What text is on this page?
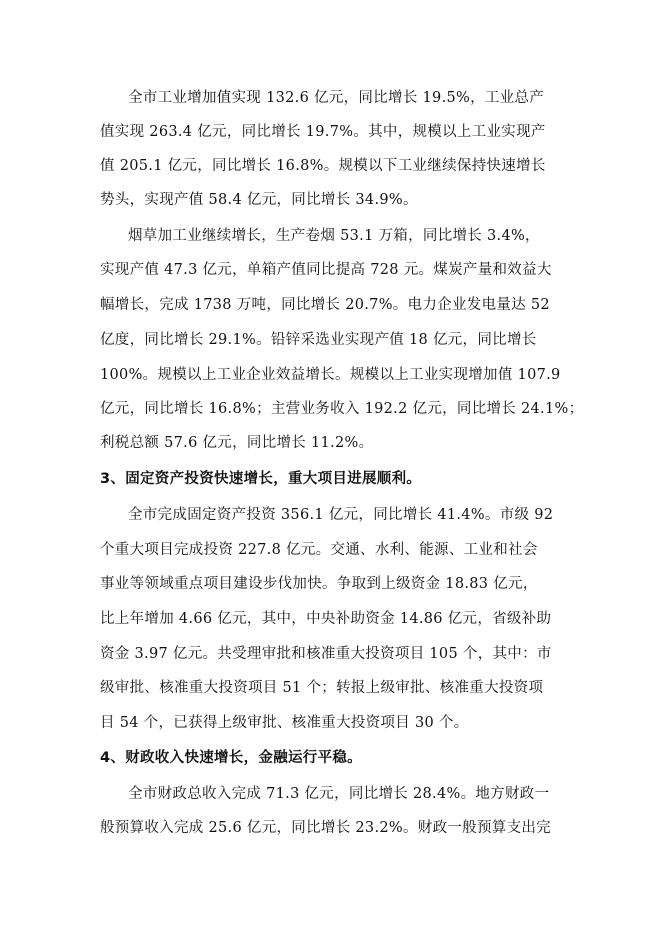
全市工业增加值实现 132.6 亿元，同比增长 19.5%，工业总产
值实现 263.4 亿元，同比增长 19.7%。其中，规模以上工业实现产
值 205.1 亿元，同比增长 16.8%。规模以下工业继续保持快速增长
势头，实现产值 58.4 亿元，同比增长 34.9%。
烟草加工业继续增长，生产卷烟 53.1 万箱，同比增长 3.4%，
实现产值 47.3 亿元，单箱产值同比提高 728 元。煤炭产量和效益大
幅增长，完成 1738 万吨，同比增长 20.7%。电力企业发电量达 52
亿度，同比增长 29.1%。铅锌采选业实现产值 18 亿元，同比增长
100%。规模以上工业企业效益增长。规模以上工业实现增加值 107.9
亿元，同比增长 16.8%；主营业务收入 192.2 亿元，同比增长 24.1%；
利税总额 57.6 亿元，同比增长 11.2%。
3、固定资产投资快速增长，重大项目进展顺利。
全市完成固定资产投资 356.1 亿元，同比增长 41.4%。市级 92
个重大项目完成投资 227.8 亿元。交通、水利、能源、工业和社会
事业等领域重点项目建设步伐加快。争取到上级资金 18.83 亿元，
比上年增加 4.66 亿元，其中，中央补助资金 14.86 亿元，省级补助
资金 3.97 亿元。共受理审批和核准重大投资项目 105 个，其中：市
级审批、核准重大投资项目 51 个；转报上级审批、核准重大投资项
目 54 个，已获得上级审批、核准重大投资项目 30 个。
4、财政收入快速增长，金融运行平稳。
全市财政总收入完成 71.3 亿元，同比增长 28.4%。地方财政一
般预算收入完成 25.6 亿元，同比增长 23.2%。财政一般预算支出完
